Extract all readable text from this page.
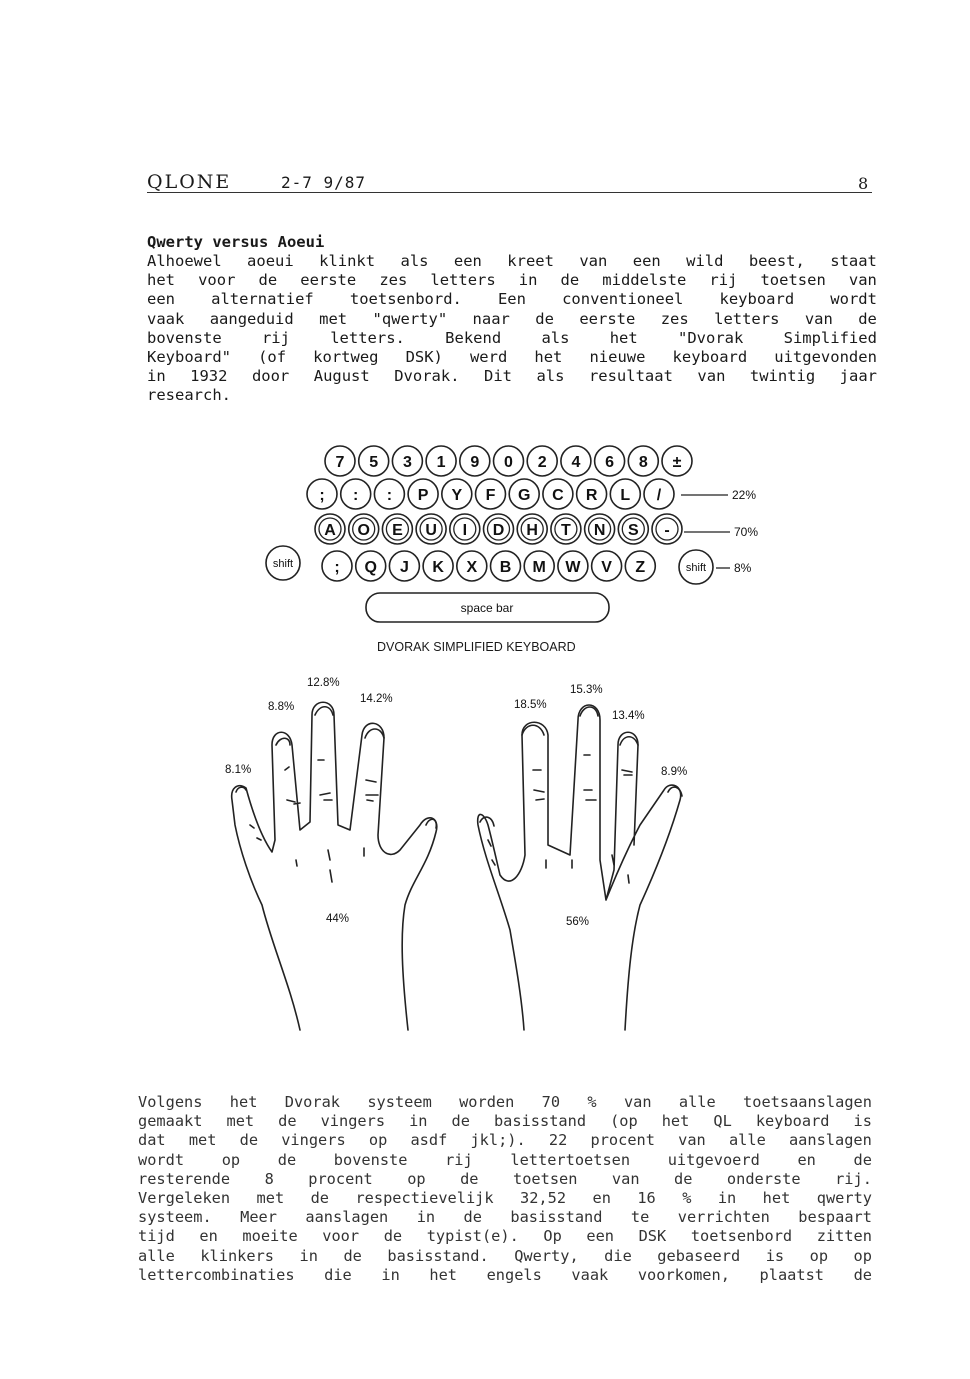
QLONE	2-7 9/87	8
Qwerty versus Aoeui
Alhoewel aoeui klinkt als een kreet van een wild beest, staat
het voor de eerste zes letters in de middelste rij toetsen van
een alternatief toetsenbord. Een conventioneel keyboard wordt
vaak aangeduid met "qwerty" naar de eerste zes letters van de
bovenste	rij	letters.	Bekend	als	het	"Dvorak	Simplified
Keyboard" (of kortweg DSK) werd het nieuwe keyboard uitgevonden
in 1932 door August Dvorak. Dit als resultaat van twintig jaar
research.
7 5 3 1 9 0 2 4 6 8 ±
; : : P Y F G C R L /
A O E U I D H T N S -
; Q J K X B M W V Z
shift	shift
22%
70%
8%
space bar
8.1%
8.8%
12.8%
14.2%
44%
18.5%
15.3%
13.4%
8.9%
56%
DVORAK SIMPLIFIED KEYBOARD
Volgens het Dvorak systeem worden 70 % van alle toetsaanslagen
gemaakt met de vingers in de basisstand (op het QL keyboard is
dat met de vingers op asdf jkl;). 22 procent van alle aanslagen
wordt op de bovenste rij lettertoetsen uitgevoerd en de
resterende 8 procent op de toetsen van de onderste rij.
Vergeleken met de respectievelijk 32,52 en 16 % in het qwerty
systeem. Meer aanslagen in de basisstand te verrichten bespaart
tijd en moeite voor de typist(e). Op een DSK toetsenbord zitten
alle klinkers in de basisstand. Qwerty, die gebaseerd is op op
lettercombinaties die in het engels vaak voorkomen, plaatst de
